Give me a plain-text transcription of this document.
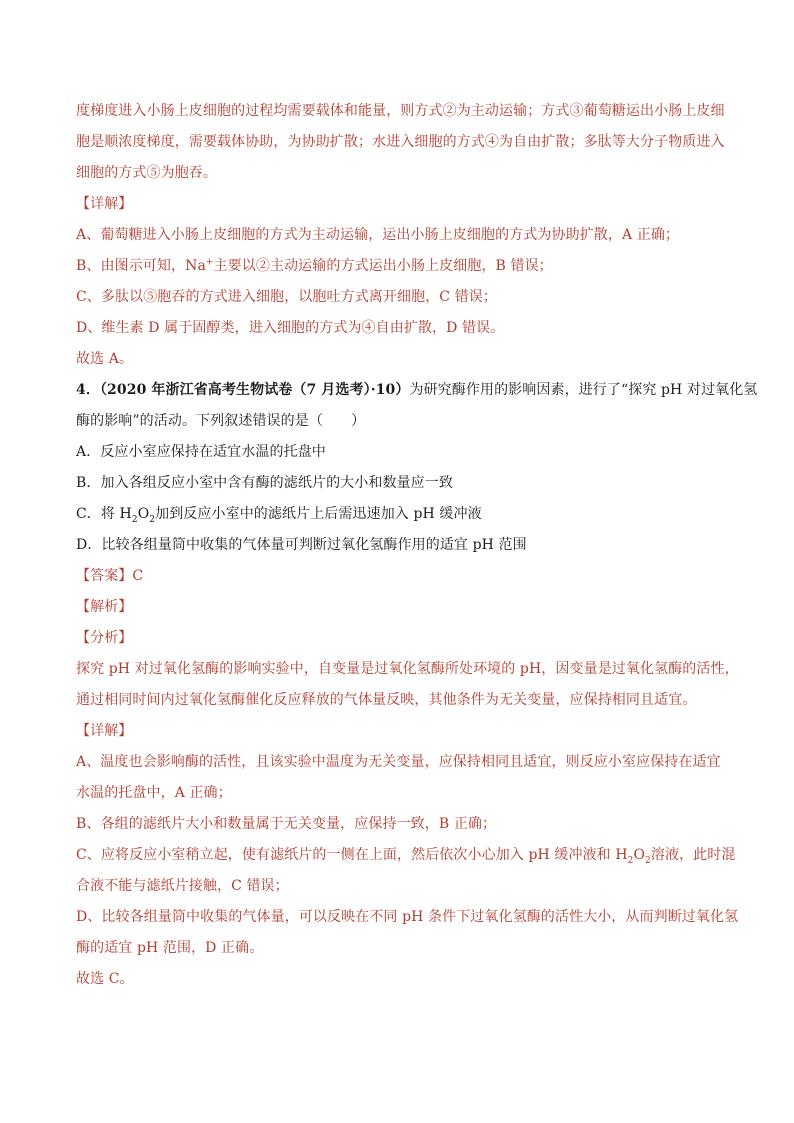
度梯度进入小肠上皮细胞的过程均需要载体和能量，则方式②为主动运输；方式③葡萄糖运出小肠上皮细
胞是顺浓度梯度，需要载体协助，为协助扩散；水进入细胞的方式④为自由扩散；多肽等大分子物质进入
细胞的方式⑤为胞吞。
【详解】
A、葡萄糖进入小肠上皮细胞的方式为主动运输，运出小肠上皮细胞的方式为协助扩散，A 正确；
B、由图示可知，Na+主要以②主动运输的方式运出小肠上皮细胞，B 错误；
C、多肽以⑤胞吞的方式进入细胞，以胞吐方式离开细胞，C 错误；
D、维生素 D 属于固醇类，进入细胞的方式为④自由扩散，D 错误。
故选 A。
4．（2020 年浙江省高考生物试卷（7 月选考）·10）为研究酶作用的影响因素，进行了“探究 pH 对过氧化氢
酶的影响”的活动。下列叙述错误的是（　　）
A．反应小室应保持在适宜水温的托盘中
B．加入各组反应小室中含有酶的滤纸片的大小和数量应一致
C．将 $H_2O_2$加到反应小室中的滤纸片上后需迅速加入 pH 缓冲液
D．比较各组量筒中收集的气体量可判断过氧化氢酶作用的适宜 pH 范围
【答案】C
【解析】
【分析】
探究 pH 对过氧化氢酶的影响实验中，自变量是过氧化氢酶所处环境的 pH，因变量是过氧化氢酶的活性，
通过相同时间内过氧化氢酶催化反应释放的气体量反映，其他条件为无关变量，应保持相同且适宜。
【详解】
A、温度也会影响酶的活性，且该实验中温度为无关变量，应保持相同且适宜，则反应小室应保持在适宜
水温的托盘中，A 正确；
B、各组的滤纸片大小和数量属于无关变量，应保持一致，B 正确；
C、应将反应小室稍立起，使有滤纸片的一侧在上面，然后依次小心加入 pH 缓冲液和 $H_2O_2$溶液，此时混
合液不能与滤纸片接触，C 错误；
D、比较各组量筒中收集的气体量，可以反映在不同 pH 条件下过氧化氢酶的活性大小，从而判断过氧化氢
酶的适宜 pH 范围，D 正确。
故选 C。
